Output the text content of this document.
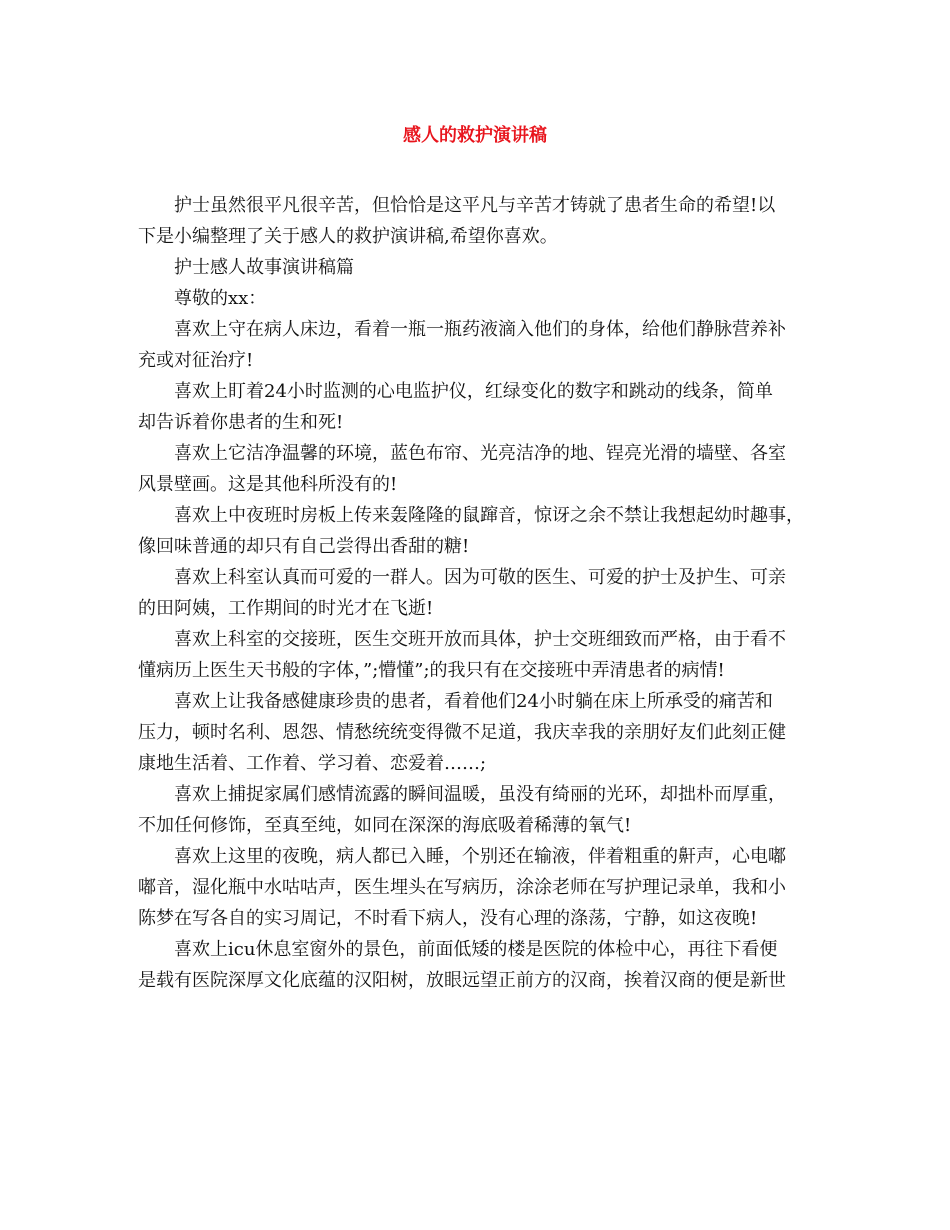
感人的救护演讲稿
护士虽然很平凡很辛苦，但恰恰是这平凡与辛苦才铸就了患者生命的希望!以
下是小编整理了关于感人的救护演讲稿,希望你喜欢。
护士感人故事演讲稿篇
尊敬的xx：
喜欢上守在病人床边，看着一瓶一瓶药液滴入他们的身体，给他们静脉营养补
充或对征治疗!
喜欢上盯着24小时监测的心电监护仪，红绿变化的数字和跳动的线条，简单
却告诉着你患者的生和死!
喜欢上它洁净温馨的环境，蓝色布帘、光亮洁净的地、锃亮光滑的墙壁、各室
风景壁画。这是其他科所没有的!
喜欢上中夜班时房板上传来轰隆隆的鼠蹿音，惊讶之余不禁让我想起幼时趣事，
像回味普通的却只有自己尝得出香甜的糖!
喜欢上科室认真而可爱的一群人。因为可敬的医生、可爱的护士及护生、可亲
的田阿姨，工作期间的时光才在飞逝!
喜欢上科室的交接班，医生交班开放而具体，护士交班细致而严格，由于看不
懂病历上医生天书般的字体，”;懵懂”;的我只有在交接班中弄清患者的病情!
喜欢上让我备感健康珍贵的患者，看着他们24小时躺在床上所承受的痛苦和
压力，顿时名利、恩怨、情愁统统变得微不足道，我庆幸我的亲朋好友们此刻正健
康地生活着、工作着、学习着、恋爱着……;
喜欢上捕捉家属们感情流露的瞬间温暖，虽没有绮丽的光环，却拙朴而厚重，
不加任何修饰，至真至纯，如同在深深的海底吸着稀薄的氧气!
喜欢上这里的夜晚，病人都已入睡，个别还在输液，伴着粗重的鼾声，心电嘟
嘟音，湿化瓶中水咕咕声，医生埋头在写病历，涂涂老师在写护理记录单，我和小
陈梦在写各自的实习周记，不时看下病人，没有心理的涤荡，宁静，如这夜晚!
喜欢上icu休息室窗外的景色，前面低矮的楼是医院的体检中心，再往下看便
是载有医院深厚文化底蕴的汉阳树，放眼远望正前方的汉商，挨着汉商的便是新世
